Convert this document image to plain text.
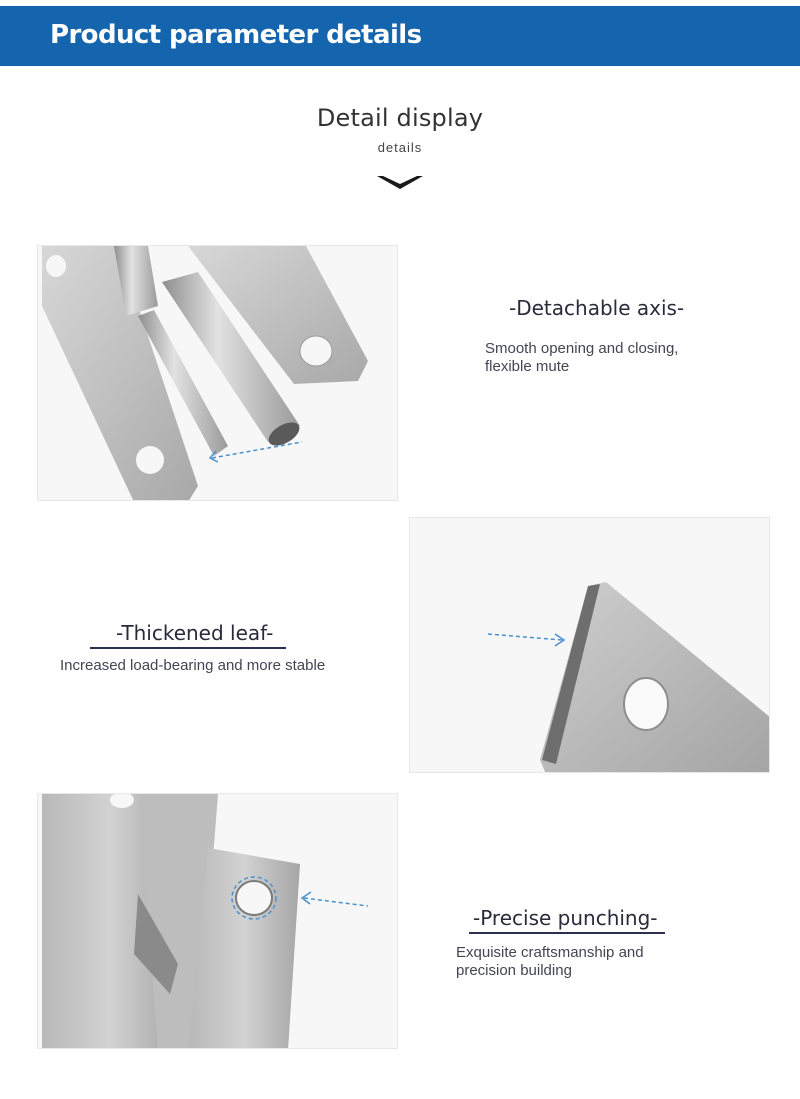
Product parameter details
Detail display
details
-Detachable axis-
Smooth opening and closing,
flexible mute
-Thickened leaf-
Increased load-bearing and more stable
-Precise punching-
Exquisite craftsmanship and
precision building
